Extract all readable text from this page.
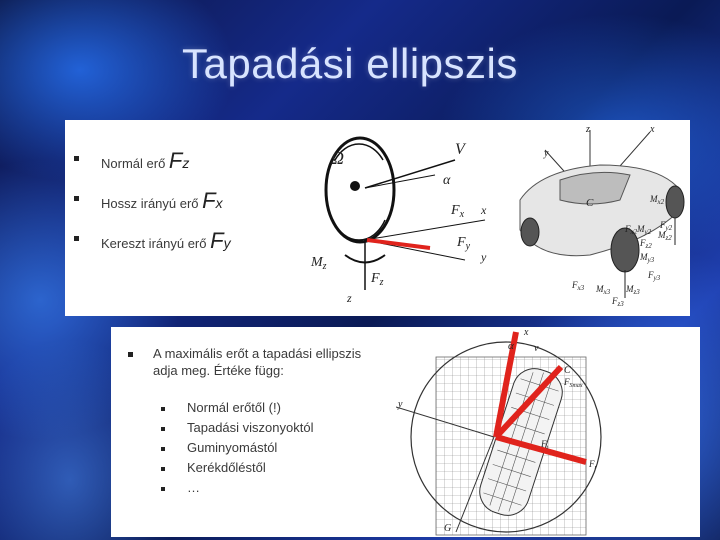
Tapadási ellipszis
Normál erő Fz
Hossz irányú erő Fx
Kereszt irányú erő Fy
Ω	V
α
$F_x$ x
$F_y$
y
$M_z$
$F_z$
z
z	x
y
C	$M_{x2}$
$F_{y2}$
$F_{x2}$ $M_{y2}$ $M_{z2}$
$F_{z2}$
$M_{y3}$
$F_{y3}$
$F_{x3}$ $M_{x3}$ $M_{z3}$
$F_{z3}$
A maximális erőt a tapadási ellipszis adja meg. Értéke függ:
Normál erőtől (!)
Tapadási viszonyoktól
Guminyomástól
Kerékdőléstől
…
x
α v
C
$F_{Smax}$
$F_t$
$F_r$
y
G
